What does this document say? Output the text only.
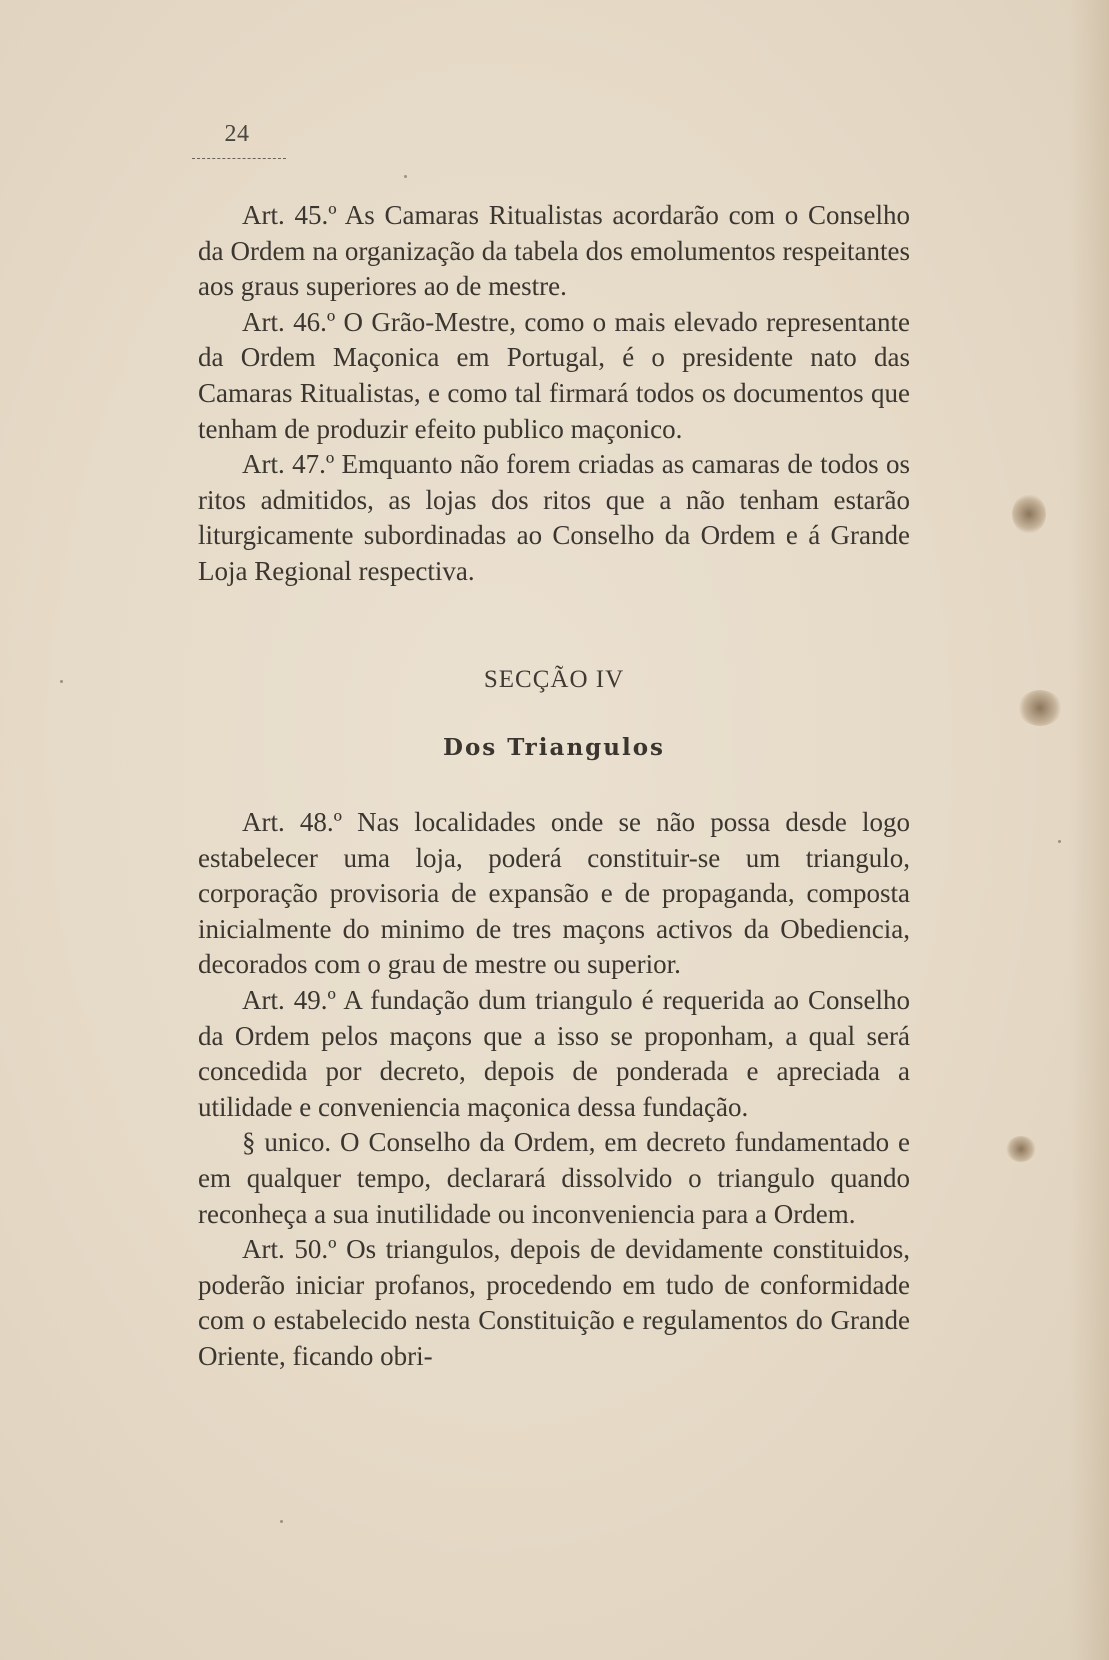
24

Art. 45.º As Camaras Ritualistas acordarão com o Conselho da Ordem na organização da tabela dos emolumentos respeitantes aos graus superiores ao de mestre.

Art. 46.º O Grão-Mestre, como o mais elevado representante da Ordem Maçonica em Portugal, é o presidente nato das Camaras Ritualistas, e como tal firmará todos os documentos que tenham de produzir efeito publico maçonico.

Art. 47.º Emquanto não forem criadas as camaras de todos os ritos admitidos, as lojas dos ritos que a não tenham estarão liturgicamente subordinadas ao Conselho da Ordem e á Grande Loja Regional respectiva.

SECÇÃO IV
Dos Triangulos

Art. 48.º Nas localidades onde se não possa desde logo estabelecer uma loja, poderá constituir-se um triangulo, corporação provisoria de expansão e de propaganda, composta inicialmente do minimo de tres maçons activos da Obediencia, decorados com o grau de mestre ou superior.

Art. 49.º A fundação dum triangulo é requerida ao Conselho da Ordem pelos maçons que a isso se proponham, a qual será concedida por decreto, depois de ponderada e apreciada a utilidade e conveniencia maçonica dessa fundação.

§ unico. O Conselho da Ordem, em decreto fundamentado e em qualquer tempo, declarará dissolvido o triangulo quando reconheça a sua inutilidade ou inconveniencia para a Ordem.

Art. 50.º Os triangulos, depois de devidamente constituidos, poderão iniciar profanos, procedendo em tudo de conformidade com o estabelecido nesta Constituição e regulamentos do Grande Oriente, ficando obri-
